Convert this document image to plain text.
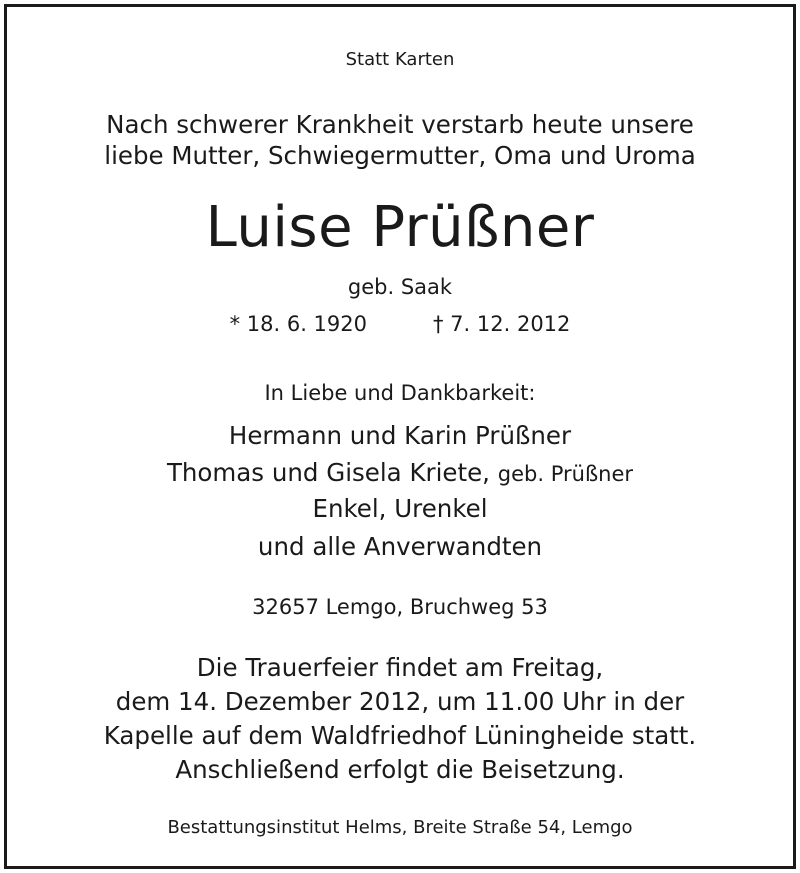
Statt Karten
Nach schwerer Krankheit verstarb heute unsere
liebe Mutter, Schwiegermutter, Oma und Uroma
Luise Prüßner
geb. Saak
* 18. 6. 1920	† 7. 12. 2012
In Liebe und Dankbarkeit:
Hermann und Karin Prüßner
Thomas und Gisela Kriete, geb. Prüßner
Enkel, Urenkel
und alle Anverwandten
32657 Lemgo, Bruchweg 53
Die Trauerfeier findet am Freitag,
dem 14. Dezember 2012, um 11.00 Uhr in der
Kapelle auf dem Waldfriedhof Lüningheide statt.
Anschließend erfolgt die Beisetzung.
Bestattungsinstitut Helms, Breite Straße 54, Lemgo
